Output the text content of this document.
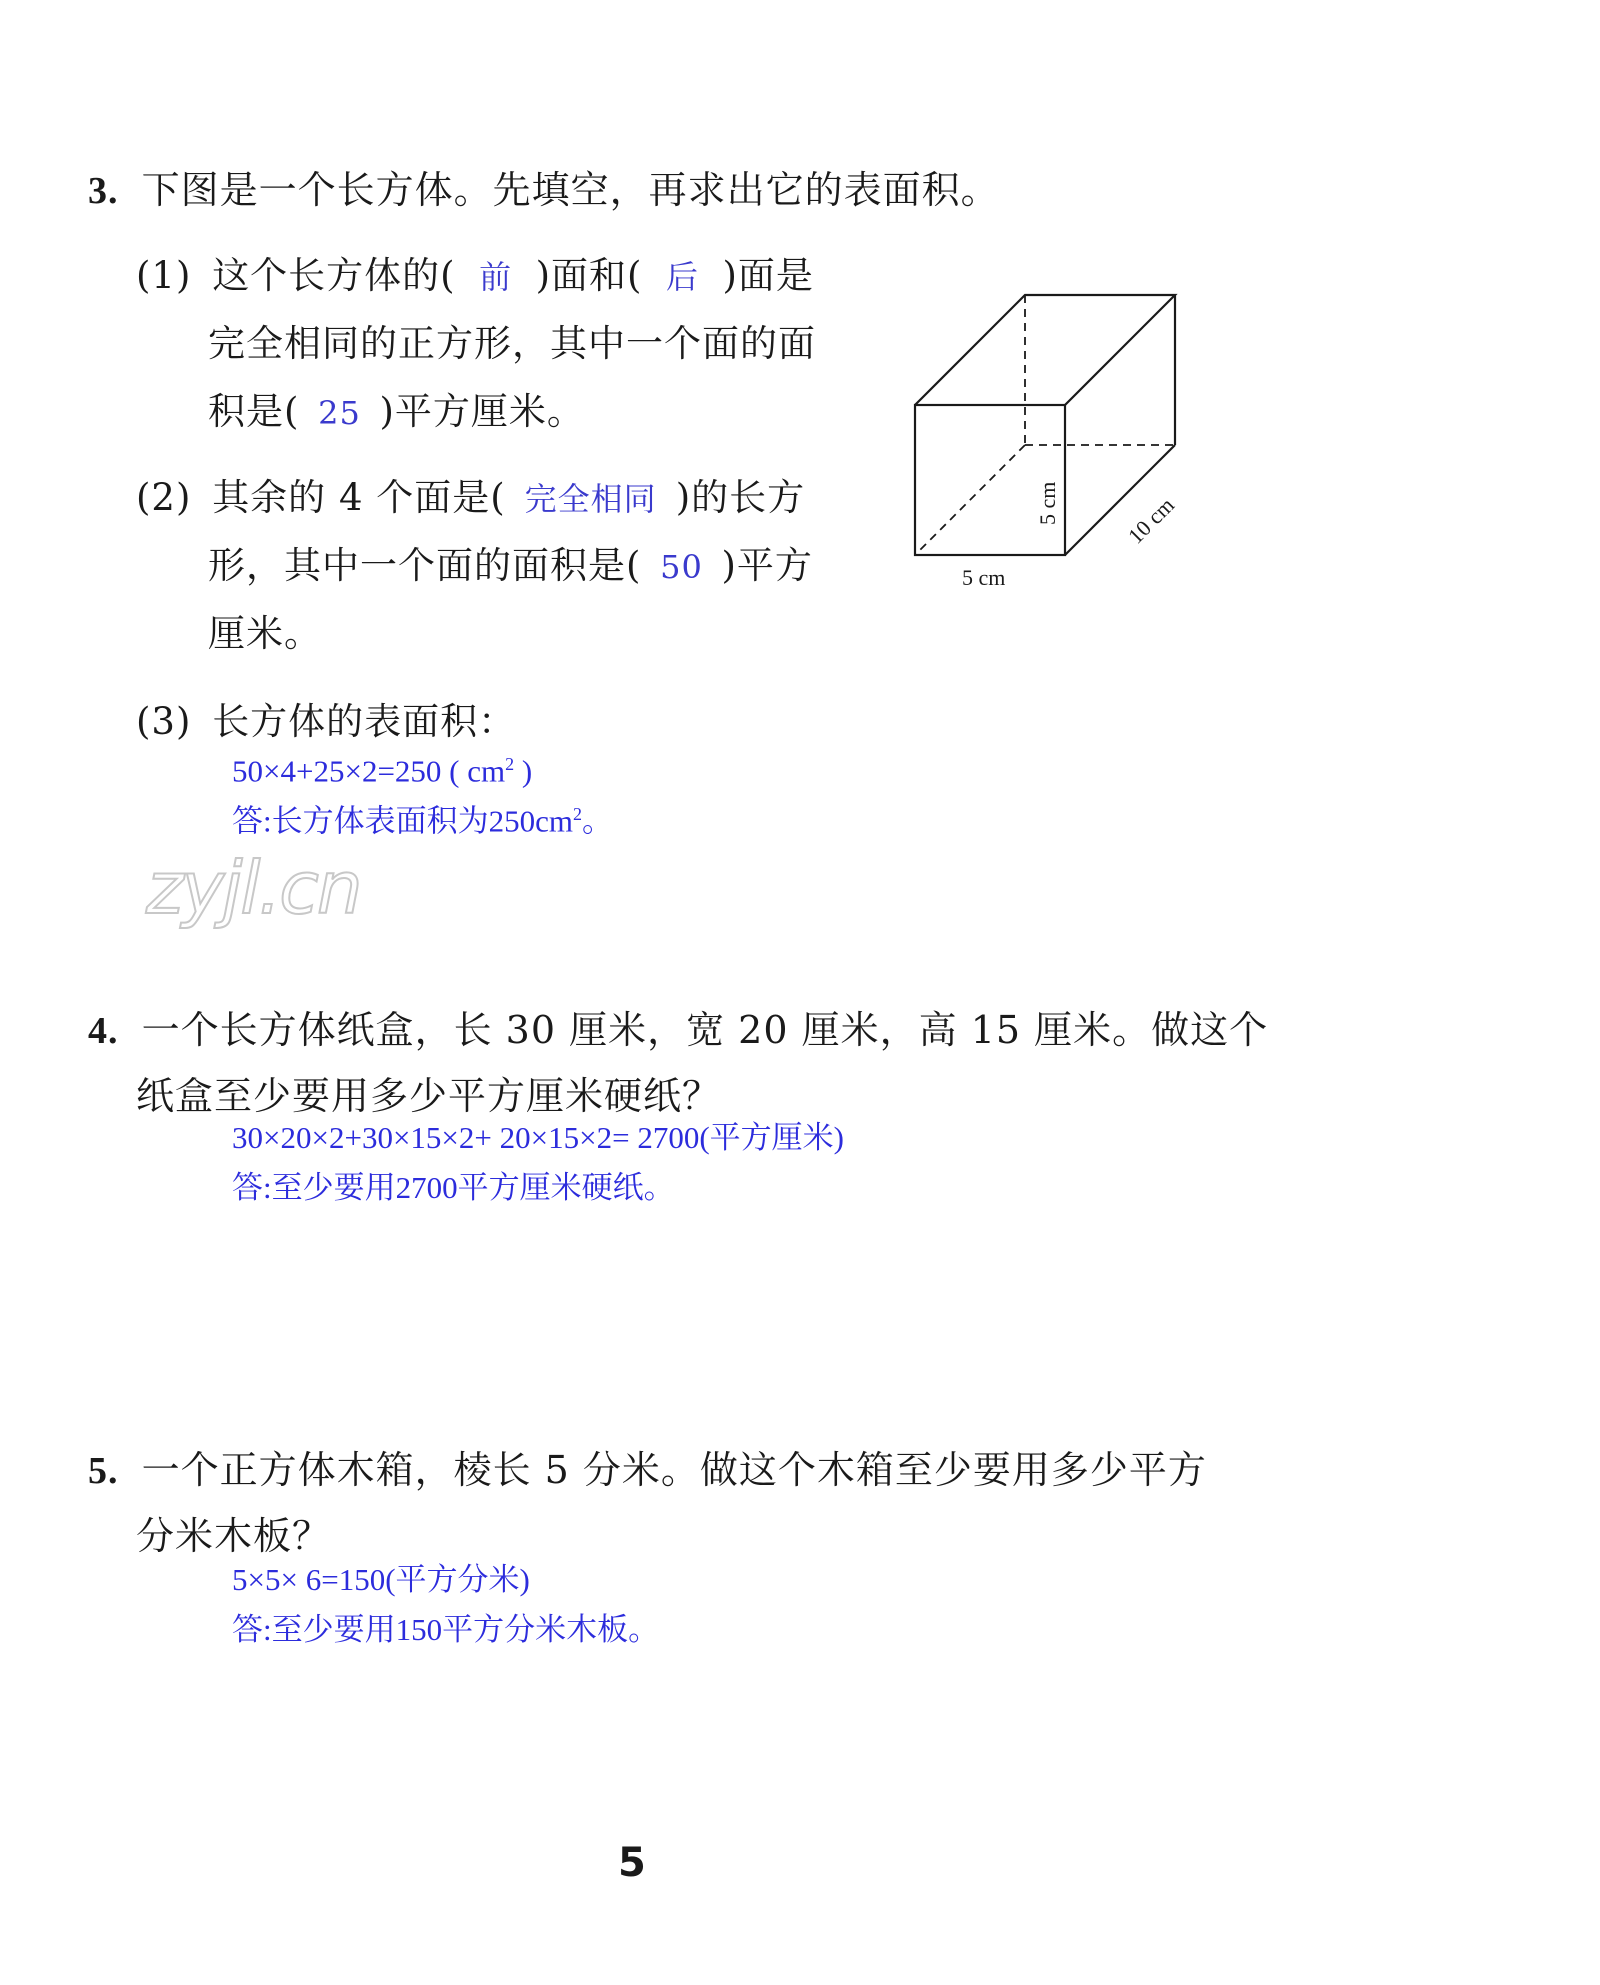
3. 下图是一个长方体。先填空，再求出它的表面积。
(1) 这个长方体的( 前 )面和( 后 )面是
完全相同的正方形，其中一个面的面
积是( 25 )平方厘米。
(2) 其余的 4 个面是( 完全相同 )的长方
形，其中一个面的面积是( 50 )平方
厘米。
(3) 长方体的表面积：
50×4+25×2=250 ( $cm^2$ )
答:长方体表面积为$250cm^2$。
5 cm
5 cm	10 cm
zyjl.cn
4. 一个长方体纸盒，长 30 厘米，宽 20 厘米，高 15 厘米。做这个
纸盒至少要用多少平方厘米硬纸？
30×20×2+30×15×2+ 20×15×2= 2700(平方厘米)
答:至少要用2700平方厘米硬纸。
5. 一个正方体木箱，棱长 5 分米。做这个木箱至少要用多少平方
分米木板？
5×5× 6=150(平方分米)
答:至少要用150平方分米木板。
5
